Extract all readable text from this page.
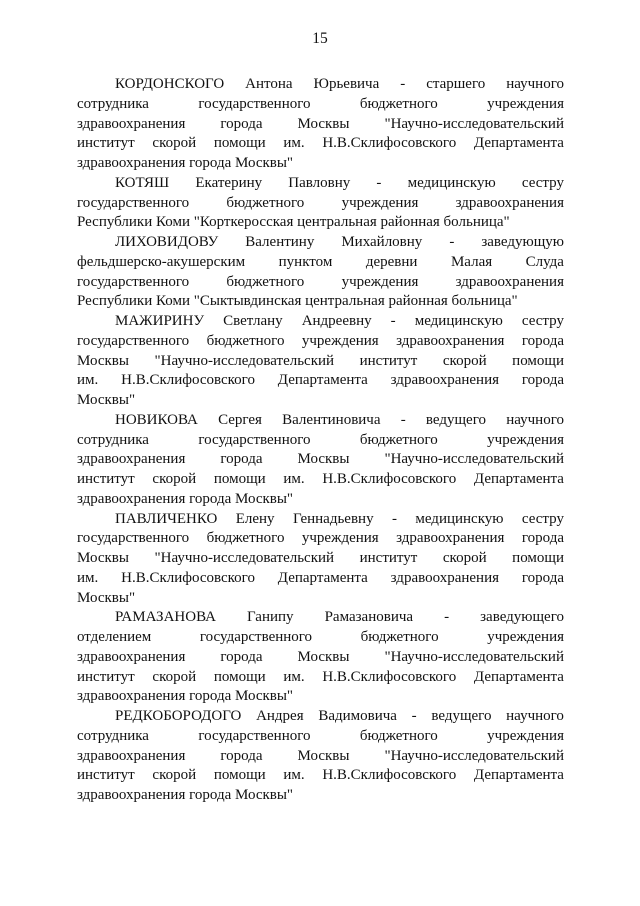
15
КОРДОНСКОГО Антона Юрьевича - старшего научного
сотрудника	государственного	бюджетного	учреждения
здравоохранения города Москвы "Научно-исследовательский
институт скорой помощи им. Н.В.Склифосовского Департамента
здравоохранения города Москвы"
КОТЯШ Екатерину Павловну - медицинскую сестру
государственного бюджетного учреждения здравоохранения
Республики Коми "Корткеросская центральная районная больница"
ЛИХОВИДОВУ Валентину Михайловну - заведующую
фельдшерско-акушерским пунктом деревни Малая Слуда
государственного бюджетного учреждения здравоохранения
Республики Коми "Сыктывдинская центральная районная больница"
МАЖИРИНУ Светлану Андреевну - медицинскую сестру
государственного бюджетного учреждения здравоохранения города
Москвы "Научно-исследовательский институт скорой помощи
им. Н.В.Склифосовского Департамента здравоохранения города
Москвы"
НОВИКОВА Сергея Валентиновича - ведущего научного
сотрудника	государственного	бюджетного	учреждения
здравоохранения города Москвы "Научно-исследовательский
институт скорой помощи им. Н.В.Склифосовского Департамента
здравоохранения города Москвы"
ПАВЛИЧЕНКО Елену Геннадьевну - медицинскую сестру
государственного бюджетного учреждения здравоохранения города
Москвы "Научно-исследовательский институт скорой помощи
им. Н.В.Склифосовского Департамента здравоохранения города
Москвы"
РАМАЗАНОВА Ганипу Рамазановича - заведующего
отделением	государственного	бюджетного	учреждения
здравоохранения города Москвы "Научно-исследовательский
институт скорой помощи им. Н.В.Склифосовского Департамента
здравоохранения города Москвы"
РЕДКОБОРОДОГО Андрея Вадимовича - ведущего научного
сотрудника	государственного	бюджетного	учреждения
здравоохранения города Москвы "Научно-исследовательский
институт скорой помощи им. Н.В.Склифосовского Департамента
здравоохранения города Москвы"
